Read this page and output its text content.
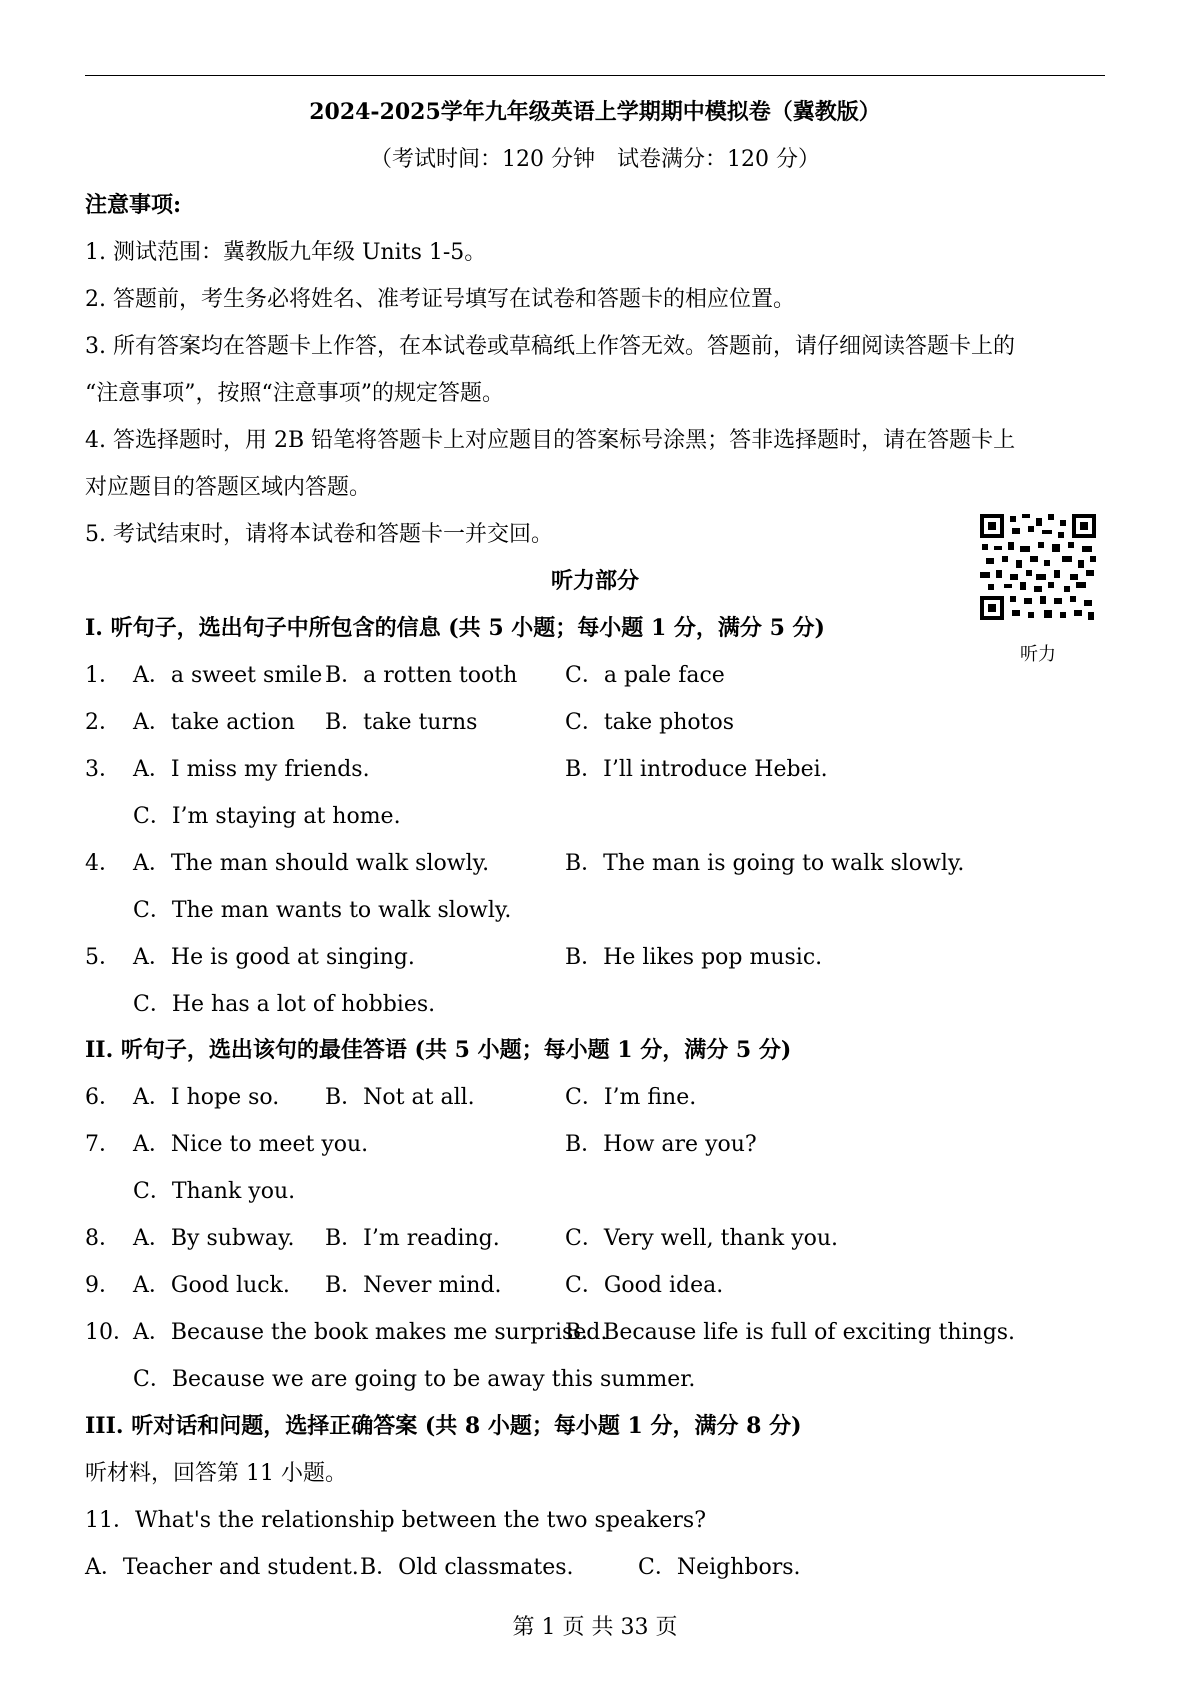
2024-2025学年九年级英语上学期期中模拟卷（冀教版）
（考试时间：120 分钟　试卷满分：120 分）
注意事项:
1. 测试范围：冀教版九年级 Units 1-5。
2. 答题前，考生务必将姓名、准考证号填写在试卷和答题卡的相应位置。
3. 所有答案均在答题卡上作答，在本试卷或草稿纸上作答无效。答题前，请仔细阅读答题卡上的
“注意事项”，按照“注意事项”的规定答题。
4. 答选择题时，用 2B 铅笔将答题卡上对应题目的答案标号涂黑；答非选择题时，请在答题卡上
对应题目的答题区域内答题。
5. 考试结束时，请将本试卷和答题卡一并交回。
听力
听力部分
I. 听句子，选出句子中所包含的信息 (共 5 小题；每小题 1 分，满分 5 分)
1． A．a sweet smile B．a rotten tooth C．a pale face
2． A．take action B．take turns	C．take photos
3． A．I miss my friends.	B．I’ll introduce Hebei.
C．I’m staying at home.
4． A．The man should walk slowly.	B．The man is going to walk slowly.
C．The man wants to walk slowly.
5． A．He is good at singing.	B．He likes pop music.
C．He has a lot of hobbies.
II. 听句子，选出该句的最佳答语 (共 5 小题；每小题 1 分，满分 5 分)
6． A．I hope so. B．Not at all.	C．I’m fine.
7． A．Nice to meet you.	B．How are you?
C．Thank you.
8． A．By subway. B．I’m reading.	C．Very well, thank you.
9． A．Good luck. B．Never mind.	C．Good idea.
10．
A．Because the book makes me surprised.
B．Because life is full of exciting things.
C．Because we are going to be away this summer.
III. 听对话和问题，选择正确答案 (共 8 小题；每小题 1 分，满分 8 分)
听材料，回答第 11 小题。
11．What's the relationship between the two speakers?
A．Teacher and student. B．Old classmates.	C．Neighbors.
第 1 页 共 33 页
